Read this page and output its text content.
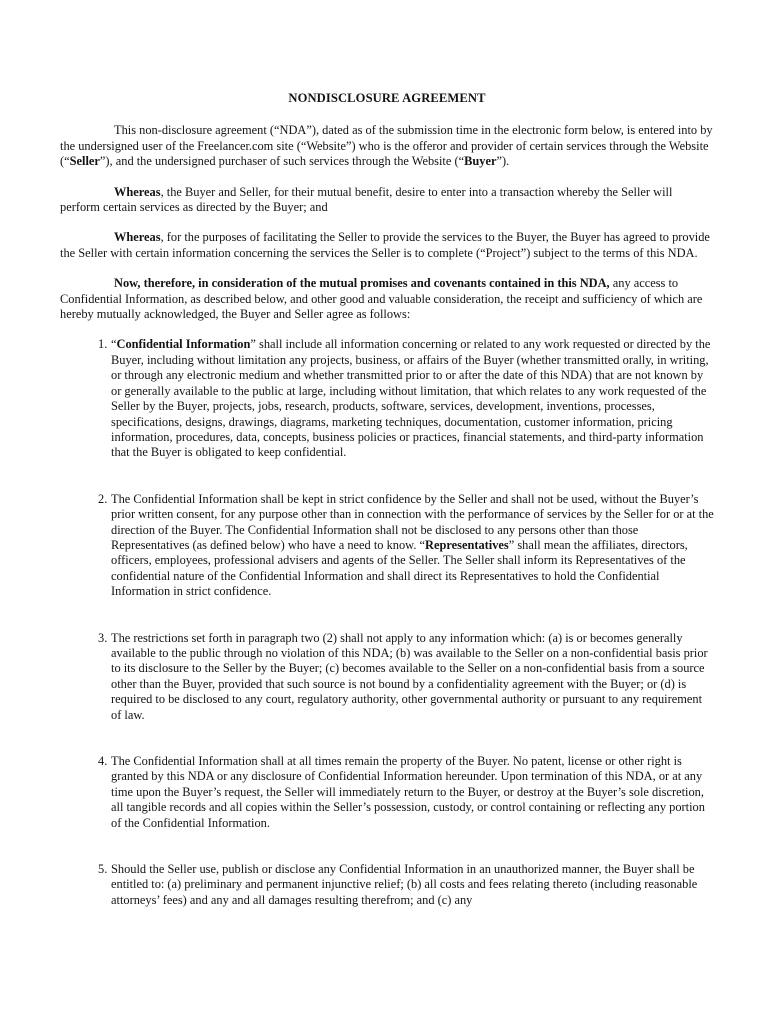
NONDISCLOSURE AGREEMENT

This non-disclosure agreement (“NDA”), dated as of the submission time in the electronic form below, is entered into by the undersigned user of the Freelancer.com site (“Website”) who is the offeror and provider of certain services through the Website (“Seller”), and the undersigned purchaser of such services through the Website (“Buyer”).

Whereas, the Buyer and Seller, for their mutual benefit, desire to enter into a transaction whereby the Seller will perform certain services as directed by the Buyer; and

Whereas, for the purposes of facilitating the Seller to provide the services to the Buyer, the Buyer has agreed to provide the Seller with certain information concerning the services the Seller is to complete (“Project”) subject to the terms of this NDA.

Now, therefore, in consideration of the mutual promises and covenants contained in this NDA, any access to Confidential Information, as described below, and other good and valuable consideration, the receipt and sufficiency of which are hereby mutually acknowledged, the Buyer and Seller agree as follows:

1. “Confidential Information” shall include all information concerning or related to any work requested or directed by the Buyer, including without limitation any projects, business, or affairs of the Buyer (whether transmitted orally, in writing, or through any electronic medium and whether transmitted prior to or after the date of this NDA) that are not known by or generally available to the public at large, including without limitation, that which relates to any work requested of the Seller by the Buyer, projects, jobs, research, products, software, services, development, inventions, processes, specifications, designs, drawings, diagrams, marketing techniques, documentation, customer information, pricing information, procedures, data, concepts, business policies or practices, financial statements, and third-party information that the Buyer is obligated to keep confidential.
2. The Confidential Information shall be kept in strict confidence by the Seller and shall not be used, without the Buyer’s prior written consent, for any purpose other than in connection with the performance of services by the Seller for or at the direction of the Buyer. The Confidential Information shall not be disclosed to any persons other than those Representatives (as defined below) who have a need to know. “Representatives” shall mean the affiliates, directors, officers, employees, professional advisers and agents of the Seller. The Seller shall inform its Representatives of the confidential nature of the Confidential Information and shall direct its Representatives to hold the Confidential Information in strict confidence.
3. The restrictions set forth in paragraph two (2) shall not apply to any information which: (a) is or becomes generally available to the public through no violation of this NDA; (b) was available to the Seller on a non-confidential basis prior to its disclosure to the Seller by the Buyer; (c) becomes available to the Seller on a non-confidential basis from a source other than the Buyer, provided that such source is not bound by a confidentiality agreement with the Buyer; or (d) is required to be disclosed to any court, regulatory authority, other governmental authority or pursuant to any requirement of law.
4. The Confidential Information shall at all times remain the property of the Buyer. No patent, license or other right is granted by this NDA or any disclosure of Confidential Information hereunder. Upon termination of this NDA, or at any time upon the Buyer’s request, the Seller will immediately return to the Buyer, or destroy at the Buyer’s sole discretion, all tangible records and all copies within the Seller’s possession, custody, or control containing or reflecting any portion of the Confidential Information.
5. Should the Seller use, publish or disclose any Confidential Information in an unauthorized manner, the Buyer shall be entitled to: (a) preliminary and permanent injunctive relief; (b) all costs and fees relating thereto (including reasonable attorneys’ fees) and any and all damages resulting therefrom; and (c) any
